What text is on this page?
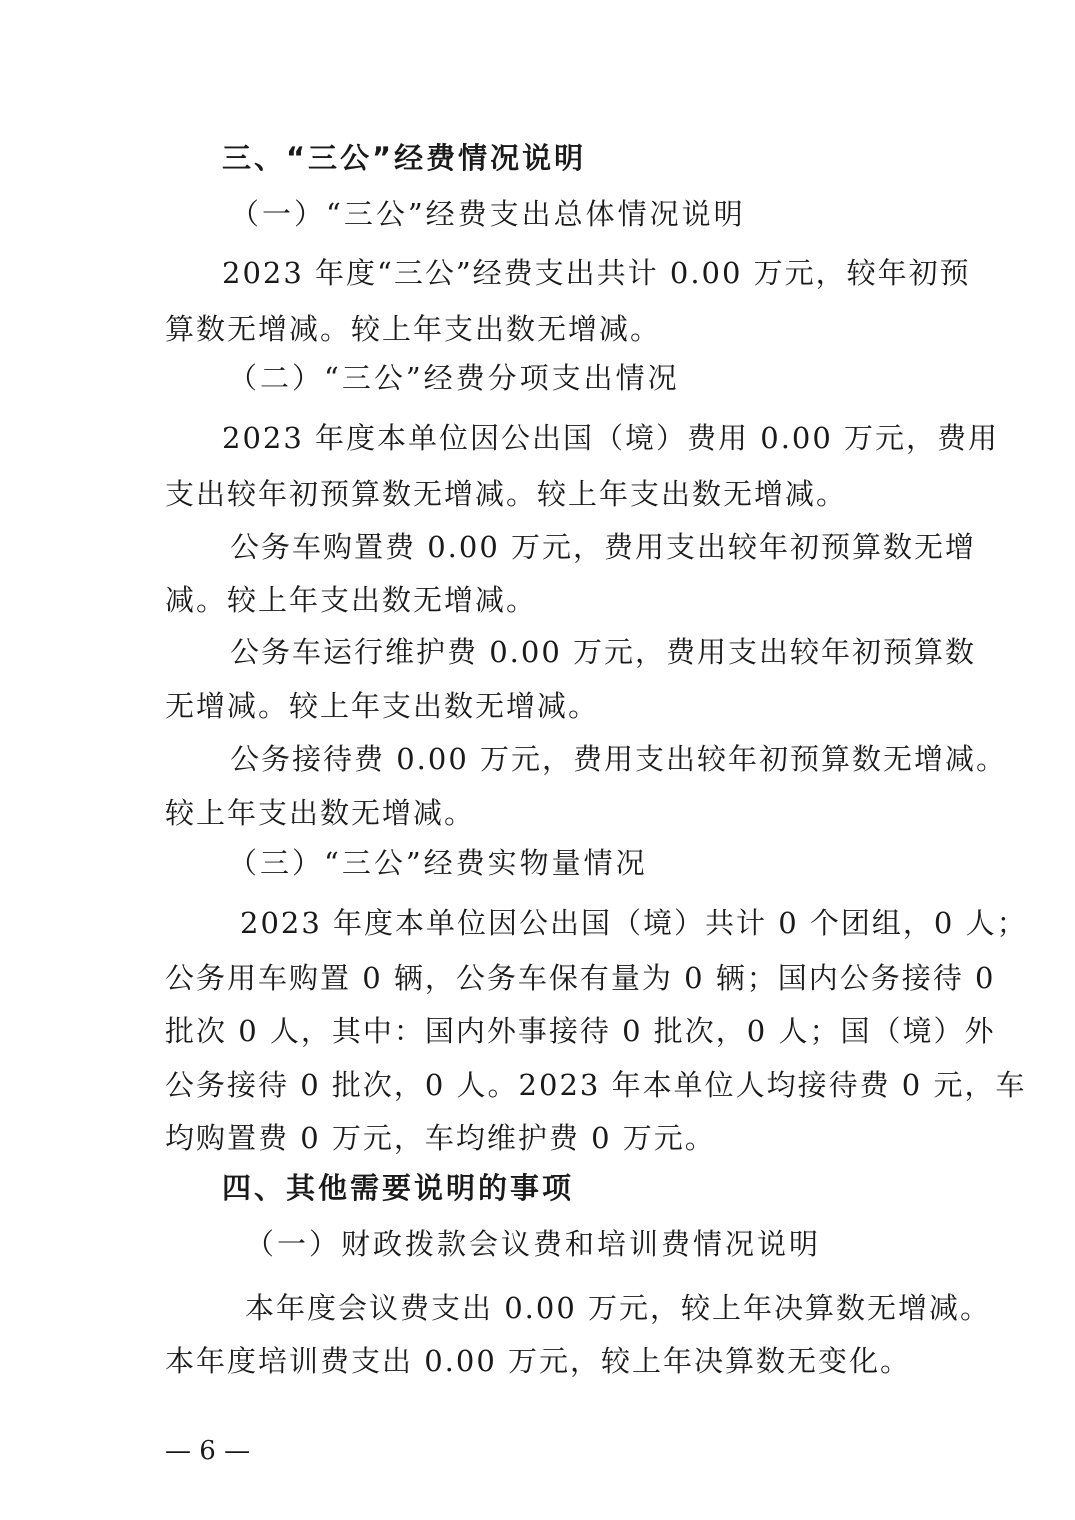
三、“三公”经费情况说明
（一）“三公”经费支出总体情况说明
2023 年度“三公”经费支出共计 0.00 万元，较年初预
算数无增减。较上年支出数无增减。
（二）“三公”经费分项支出情况
2023 年度本单位因公出国（境）费用 0.00 万元，费用
支出较年初预算数无增减。较上年支出数无增减。
公务车购置费 0.00 万元，费用支出较年初预算数无增
减。较上年支出数无增减。
公务车运行维护费 0.00 万元，费用支出较年初预算数
无增减。较上年支出数无增减。
公务接待费 0.00 万元，费用支出较年初预算数无增减。
较上年支出数无增减。
（三）“三公”经费实物量情况
2023 年度本单位因公出国（境）共计 0 个团组，0 人；
公务用车购置 0 辆，公务车保有量为 0 辆；国内公务接待 0
批次 0 人，其中：国内外事接待 0 批次，0 人；国（境）外
公务接待 0 批次，0 人。2023 年本单位人均接待费 0 元，车
均购置费 0 万元，车均维护费 0 万元。
四、其他需要说明的事项
（一）财政拨款会议费和培训费情况说明
本年度会议费支出 0.00 万元，较上年决算数无增减。
本年度培训费支出 0.00 万元，较上年决算数无变化。
— 6 —
